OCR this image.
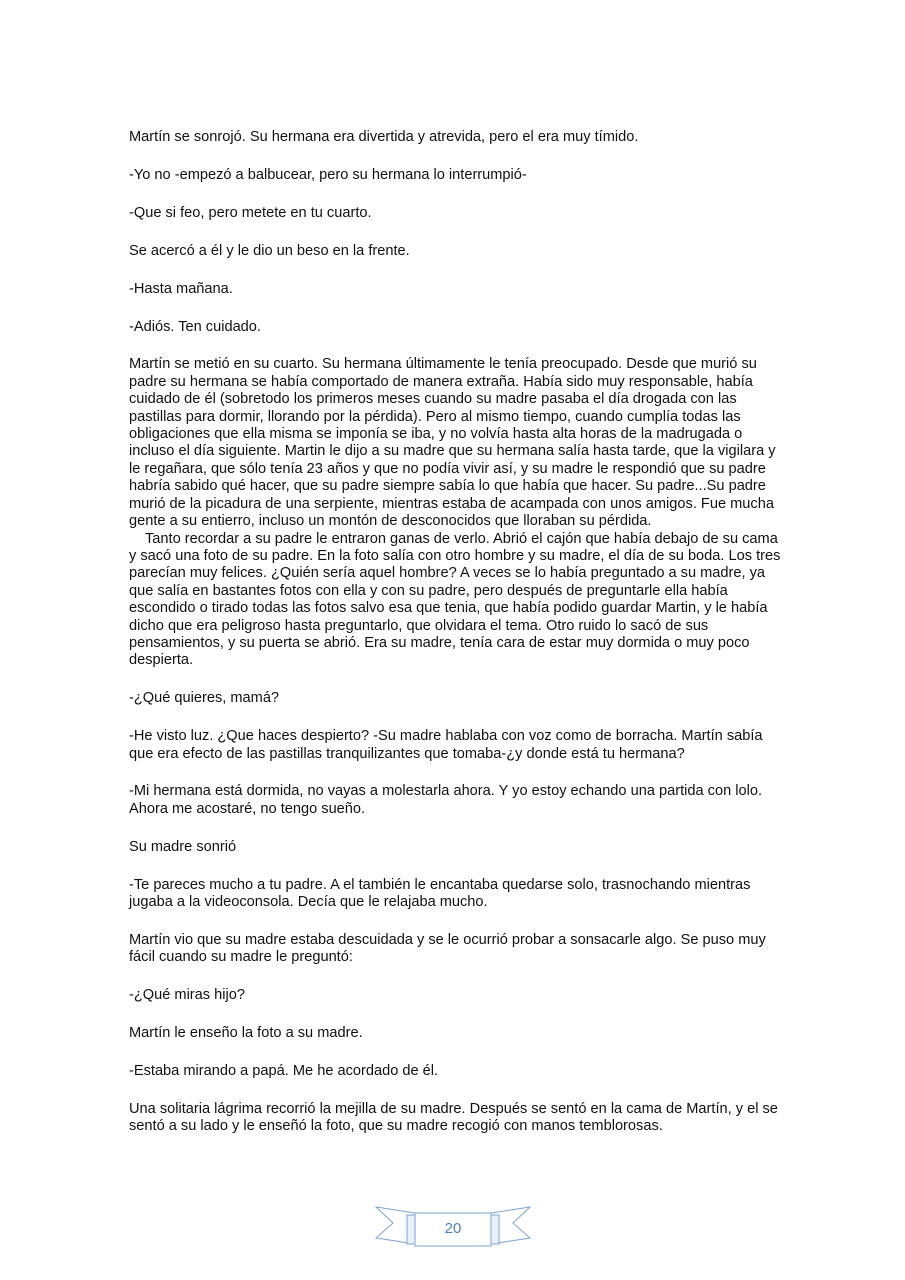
Martín se sonrojó. Su hermana era divertida y atrevida, pero el era muy tímido.

-Yo no -empezó a balbucear, pero su hermana lo interrumpió-

-Que si feo, pero metete en tu cuarto.

Se acercó a él y le dio un beso en la frente.

-Hasta mañana.

-Adiós. Ten cuidado.

Martín se metió en su cuarto. Su hermana últimamente le tenía preocupado. Desde que murió su padre su hermana se había comportado de manera extraña. Había sido muy responsable, había cuidado de él (sobretodo los primeros meses cuando su madre pasaba el día drogada con las pastillas para dormir, llorando por la pérdida). Pero al mismo tiempo, cuando cumplía todas las obligaciones que ella misma se imponía se iba, y no volvía hasta alta horas de la madrugada o incluso el día siguiente. Martin le dijo a su madre que su hermana salía hasta tarde, que la vigilara y le regañara, que sólo tenía 23 años y que no podía vivir así, y su madre le respondió que su padre habría sabido qué hacer, que su padre siempre sabía lo que había que hacer. Su padre...Su padre murió de la picadura de una serpiente, mientras estaba de acampada con unos amigos. Fue mucha gente a su entierro, incluso un montón de desconocidos que lloraban su pérdida.

Tanto recordar a su padre le entraron ganas de verlo. Abrió el cajón que había debajo de su cama y sacó una foto de su padre. En la foto salía con otro hombre y su madre, el día de su boda. Los tres parecían muy felices. ¿Quién sería aquel hombre? A veces se lo había preguntado a su madre, ya que salía en bastantes fotos con ella y con su padre, pero después de preguntarle ella había escondido o tirado todas las fotos salvo esa que tenia, que había podido guardar Martin, y le había dicho que era peligroso hasta preguntarlo, que olvidara el tema. Otro ruido lo sacó de sus pensamientos, y su puerta se abrió. Era su madre, tenía cara de estar muy dormida o muy poco despierta.

-¿Qué quieres, mamá?

-He visto luz. ¿Que haces despierto? -Su madre hablaba con voz como de borracha. Martín sabía que era efecto de las pastillas tranquilizantes que tomaba-¿y donde está tu hermana?

-Mi hermana está dormida, no vayas a molestarla ahora. Y yo estoy echando una partida con lolo. Ahora me acostaré, no tengo sueño.

Su madre sonrió

-Te pareces mucho a tu padre. A el también le encantaba quedarse solo, trasnochando mientras jugaba a la videoconsola. Decía que le relajaba mucho.

Martín vio que su madre estaba descuidada y se le ocurrió probar a sonsacarle algo. Se puso muy fácil cuando su madre le preguntó:

-¿Qué miras hijo?

Martín le enseño la foto a su madre.

-Estaba mirando a papá. Me he acordado de él.

Una solitaria lágrima recorrió la mejilla de su madre. Después se sentó en la cama de Martín, y el se sentó a su lado y le enseñó la foto, que su madre recogió con manos temblorosas.

20
